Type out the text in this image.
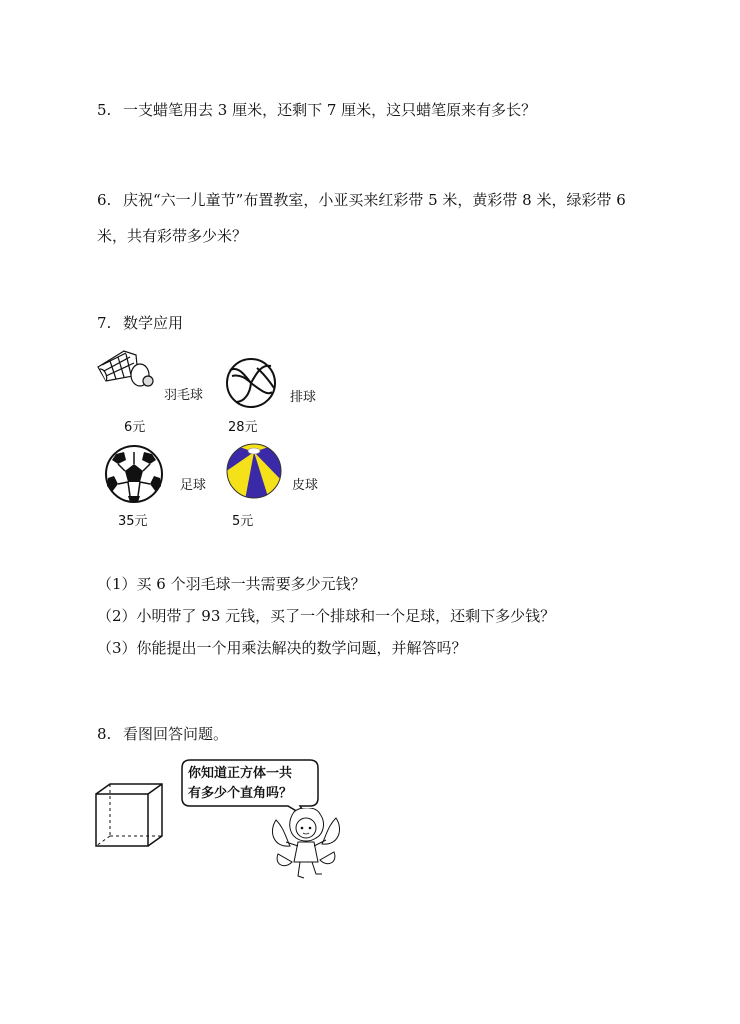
5. 一支蜡笔用去 3 厘米，还剩下 7 厘米，这只蜡笔原来有多长？
6. 庆祝“六一儿童节”布置教室，小亚买来红彩带 5 米，黄彩带 8 米，绿彩带 6
米，共有彩带多少米？
7. 数学应用
羽毛球
6元
排球
28元
足球
35元
皮球
5元
（1）买 6 个羽毛球一共需要多少元钱？
（2）小明带了 93 元钱，买了一个排球和一个足球，还剩下多少钱？
（3）你能提出一个用乘法解决的数学问题，并解答吗？
8. 看图回答问题。
你知道正方体一共
有多少个直角吗？
